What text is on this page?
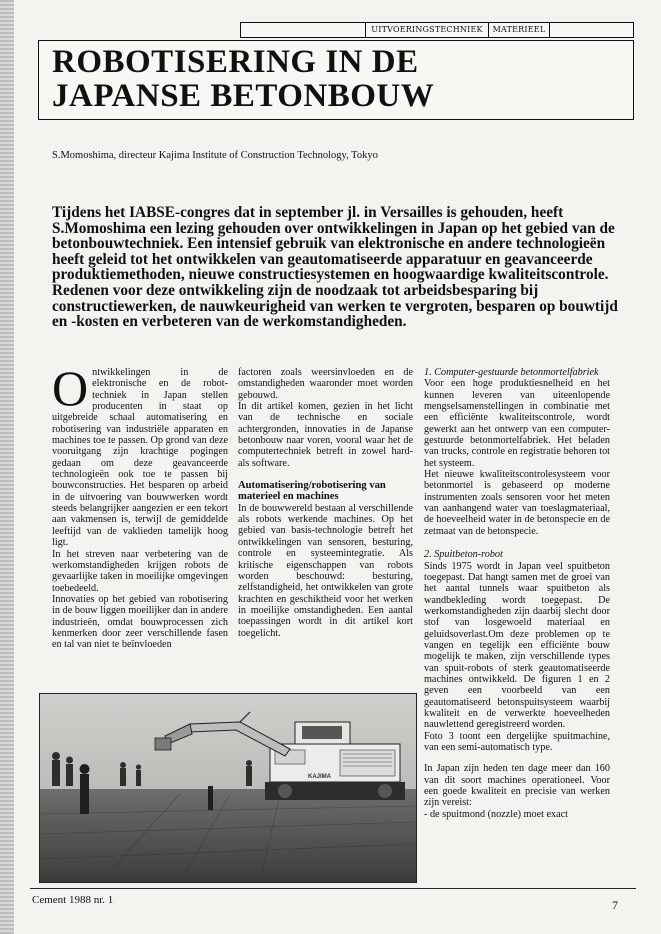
UITVOERINGSTECHNIEK	MATERIEEL
ROBOTISERING IN DE
JAPANSE BETONBOUW
S.Momoshima, directeur Kajima Institute of Construction Technology, Tokyo

Tijdens het IABSE-congres dat in september jl. in Versailles is gehouden, heeft S.Momoshima een lezing gehouden over ontwikkelingen in Japan op het gebied van de betonbouwtechniek. Een intensief gebruik van elektronische en andere technologieën heeft geleid tot het ontwikkelen van geautomatiseerde apparatuur en geavanceerde produktiemethoden, nieuwe constructiesystemen en hoogwaardige kwaliteitscontrole. Redenen voor deze ontwikkeling zijn de noodzaak tot arbeidsbesparing bij constructiewerken, de nauwkeurigheid van werken te vergroten, besparen op bouwtijd en -kosten en verbeteren van de werkomstandigheden.

Ontwikkelingen in de elektronische en de robot-techniek in Japan stellen producenten in staat op uitgebreide schaal automatisering en robotisering van industriële apparaten en machines toe te passen. Op grond van deze vooruitgang zijn krachtige pogingen gedaan om deze geavanceerde technologieën ook toe te passen bij bouwconstructies. Het besparen op arbeid in de uitvoering van bouwwerken wordt steeds belangrijker aangezien er een tekort aan vakmensen is, terwijl de gemiddelde leeftijd van de vaklieden tamelijk hoog ligt.

In het streven naar verbetering van de werkomstandigheden krijgen robots de gevaarlijke taken in moeilijke omgevingen toebedeeld.

Innovaties op het gebied van robotisering in de bouw liggen moeilijker dan in andere industrieën, omdat bouwprocessen zich kenmerken door zeer verschillende fasen en tal van niet te beïnvloeden

factoren zoals weersinvloeden en de omstandigheden waaronder moet worden gebouwd.

In dit artikel komen, gezien in het licht van de technische en sociale achtergronden, innovaties in de Japanse betonbouw naar voren, vooral waar het de computertechniek betreft in zowel hard- als software.

Automatisering/robotisering van materieel en machines

In de bouwwereld bestaan al verschillende als robots werkende machines. Op het gebied van basis-technologie betreft het ontwikkelingen van sensoren, besturing, controle en systeemintegratie. Als kritische eigenschappen van robots worden beschouwd: besturing, zelfstandigheid, het ontwikkelen van grote krachten en geschiktheid voor het werken in moeilijke omstandigheden. Een aantal toepassingen wordt in dit artikel kort toegelicht.

1. Computer-gestuurde betonmortelfabriek

Voor een hoge produktiesnelheid en het kunnen leveren van uiteenlopende mengselsamenstellingen in combinatie met een efficiënte kwaliteitscontrole, wordt gewerkt aan het ontwerp van een computer-gestuurde betonmortelfabriek. Het beladen van trucks, controle en registratie behoren tot het systeem.

Het nieuwe kwaliteitscontrolesysteem voor betonmortel is gebaseerd op moderne instrumenten zoals sensoren voor het meten van aanhangend water van toeslagmateriaal, de hoeveelheid water in de betonspecie en de zetmaat van de betonspecie.

2. Spuitbeton-robot

Sinds 1975 wordt in Japan veel spuitbeton toegepast. Dat hangt samen met de groei van het aantal tunnels waar spuitbeton als wandbekleding wordt toegepast. De werkomstandigheden zijn daarbij slecht door stof van losgewoeld materiaal en geluidsoverlast.Om deze problemen op te vangen en tegelijk een efficiënte bouw mogelijk te maken, zijn verschillende types van spuit-robots of sterk geautomatiseerde machines ontwikkeld. De figuren 1 en 2 geven een voorbeeld van een geautomatiseerd betonspuitsysteem waarbij kwaliteit en de verwerkte hoeveelheden nauwlettend geregistreerd worden.

Foto 3 toont een dergelijke spuitmachine, van een semi-automatisch type.

In Japan zijn heden ten dage meer dan 160 van dit soort machines operationeel. Voor een goede kwaliteit en precisie van werken zijn vereist:

- de spuitmond (nozzle) moet exact

KAJIMA
Cement 1988 nr. 1	7
